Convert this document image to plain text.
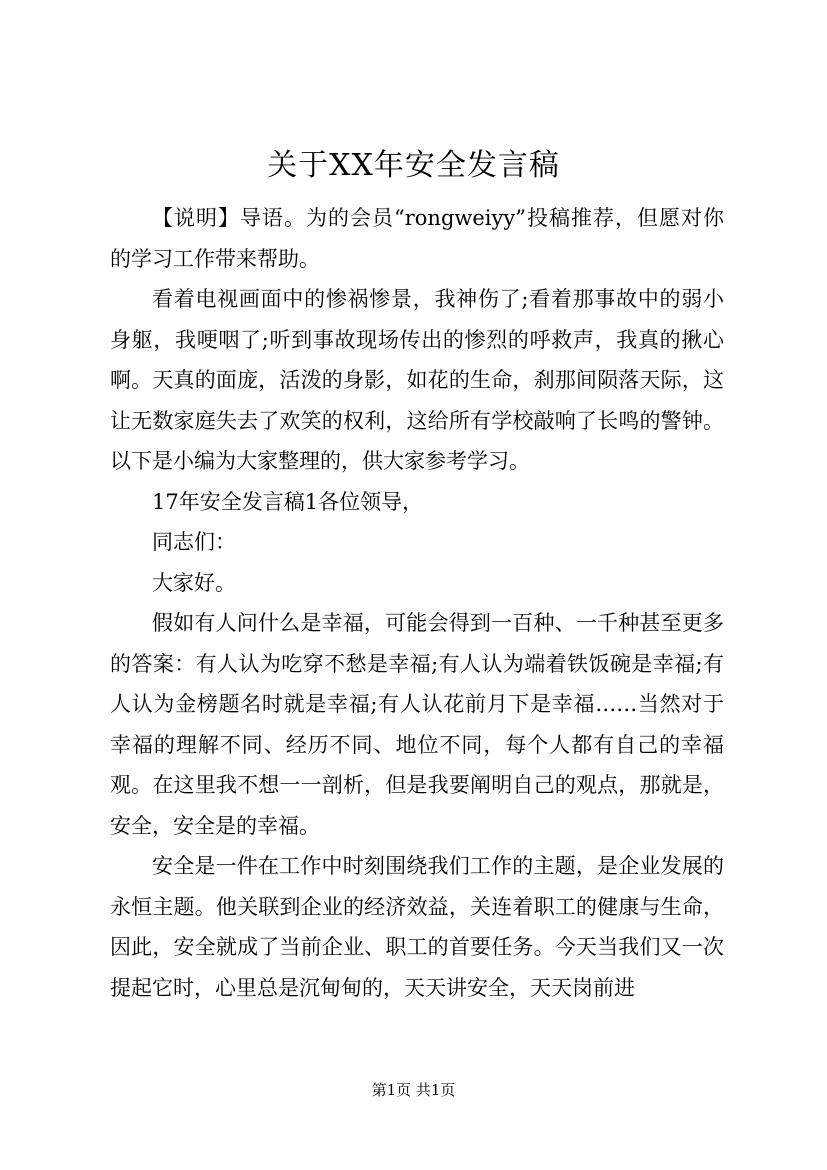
关于XX年安全发言稿

【说明】导语。为的会员“rongweiyy”投稿推荐，但愿对你的学习工作带来帮助。

看着电视画面中的惨祸惨景，我神伤了;看着那事故中的弱小身躯，我哽咽了;听到事故现场传出的惨烈的呼救声，我真的揪心啊。天真的面庞，活泼的身影，如花的生命，刹那间陨落天际，这让无数家庭失去了欢笑的权利，这给所有学校敲响了长鸣的警钟。以下是小编为大家整理的，供大家参考学习。

17年安全发言稿1各位领导，

同志们：

大家好。

假如有人问什么是幸福，可能会得到一百种、一千种甚至更多的答案：有人认为吃穿不愁是幸福;有人认为端着铁饭碗是幸福;有人认为金榜题名时就是幸福;有人认花前月下是幸福……当然对于幸福的理解不同、经历不同、地位不同，每个人都有自己的幸福观。在这里我不想一一剖析，但是我要阐明自己的观点，那就是，安全，安全是的幸福。

安全是一件在工作中时刻围绕我们工作的主题，是企业发展的永恒主题。他关联到企业的经济效益，关连着职工的健康与生命，因此，安全就成了当前企业、职工的首要任务。今天当我们又一次提起它时，心里总是沉甸甸的，天天讲安全，天天岗前进

第1页 共1页
